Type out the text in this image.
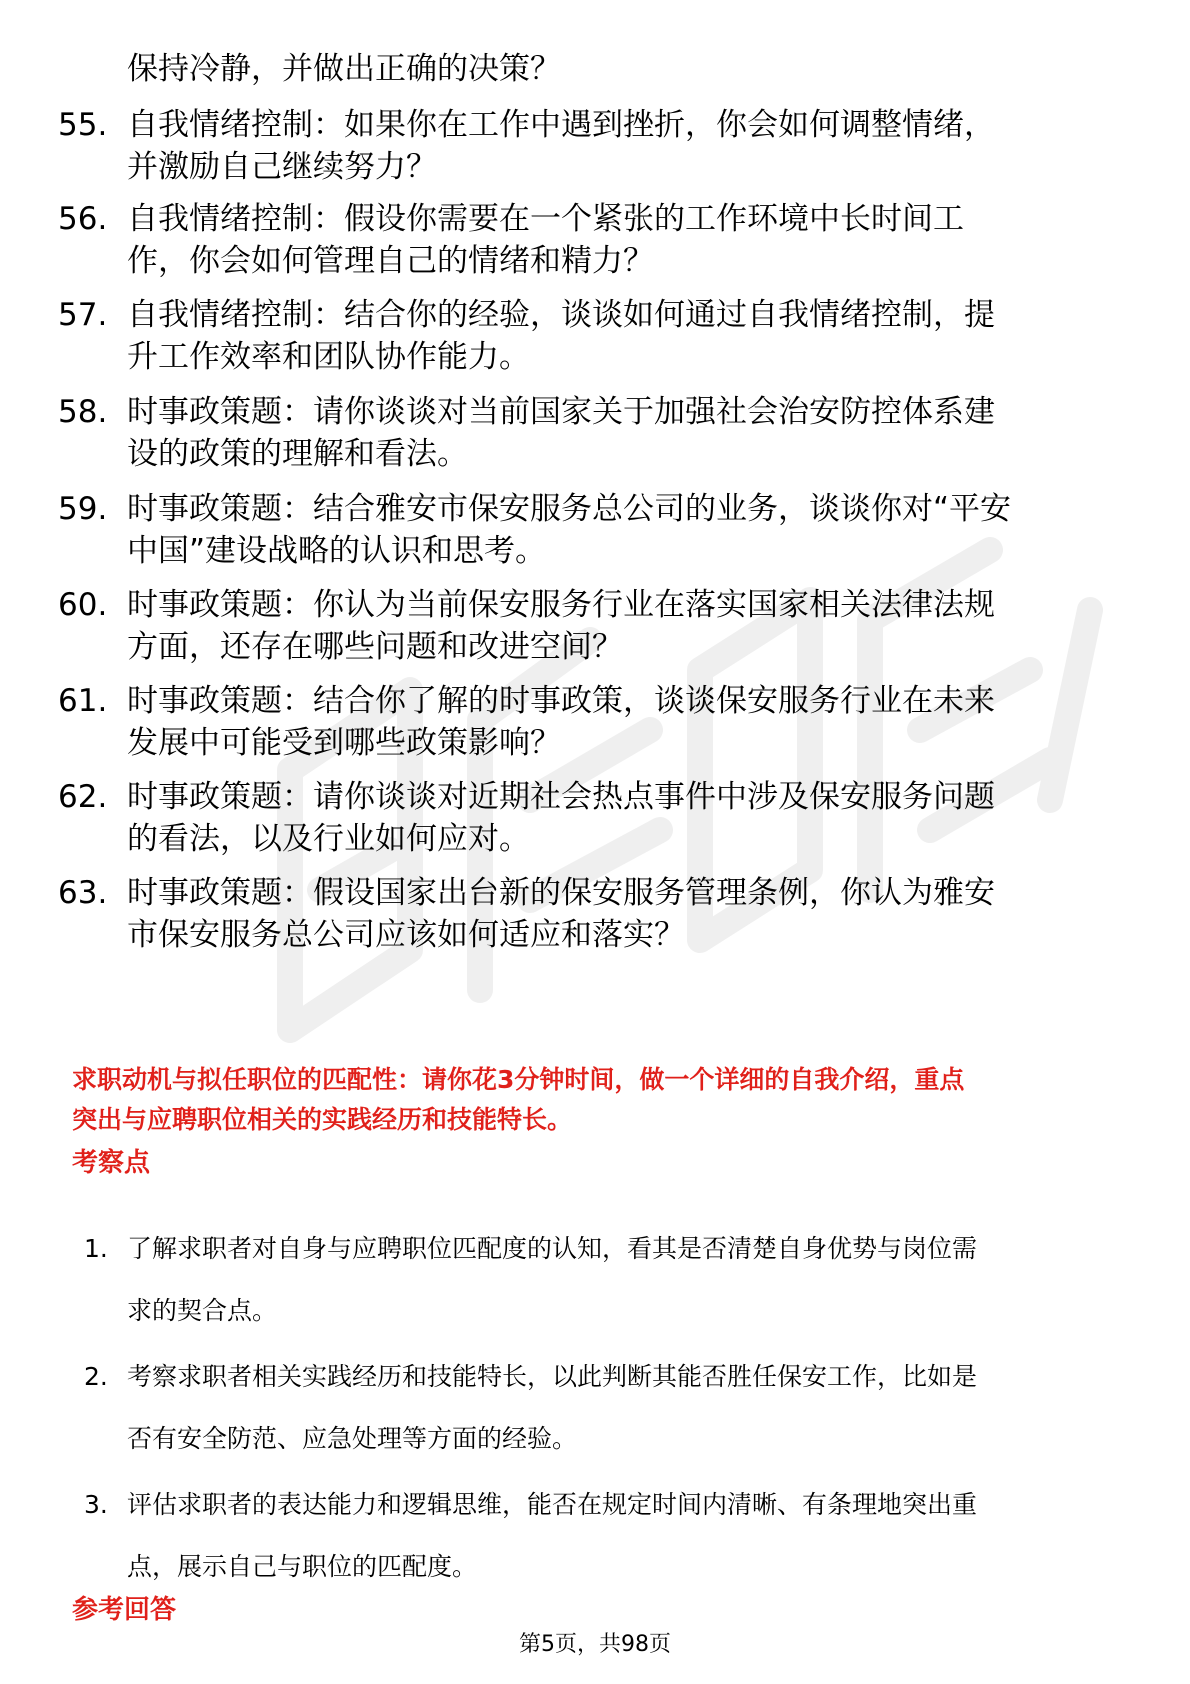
保持冷静，并做出正确的决策？
55. 自我情绪控制：如果你在工作中遇到挫折，你会如何调整情绪，
并激励自己继续努力？

56. 自我情绪控制：假设你需要在一个紧张的工作环境中长时间工
作，你会如何管理自己的情绪和精力？

57. 自我情绪控制：结合你的经验，谈谈如何通过自我情绪控制，提
升工作效率和团队协作能力。

58. 时事政策题：请你谈谈对当前国家关于加强社会治安防控体系建
设的政策的理解和看法。

59. 时事政策题：结合雅安市保安服务总公司的业务，谈谈你对“平安
中国”建设战略的认识和思考。

60. 时事政策题：你认为当前保安服务行业在落实国家相关法律法规
方面，还存在哪些问题和改进空间？

61. 时事政策题：结合你了解的时事政策，谈谈保安服务行业在未来
发展中可能受到哪些政策影响？

62. 时事政策题：请你谈谈对近期社会热点事件中涉及保安服务问题
的看法，以及行业如何应对。

63. 时事政策题：假设国家出台新的保安服务管理条例，你认为雅安
市保安服务总公司应该如何适应和落实？

求职动机与拟任职位的匹配性：请你花3分钟时间，做一个详细的自我介绍，重点
突出与应聘职位相关的实践经历和技能特长。
考察点
1. 了解求职者对自身与应聘职位匹配度的认知，看其是否清楚自身优势与岗位需
求的契合点。
2. 考察求职者相关实践经历和技能特长，以此判断其能否胜任保安工作，比如是
否有安全防范、应急处理等方面的经验。
3. 评估求职者的表达能力和逻辑思维，能否在规定时间内清晰、有条理地突出重
点，展示自己与职位的匹配度。
参考回答
第5页，共98页
